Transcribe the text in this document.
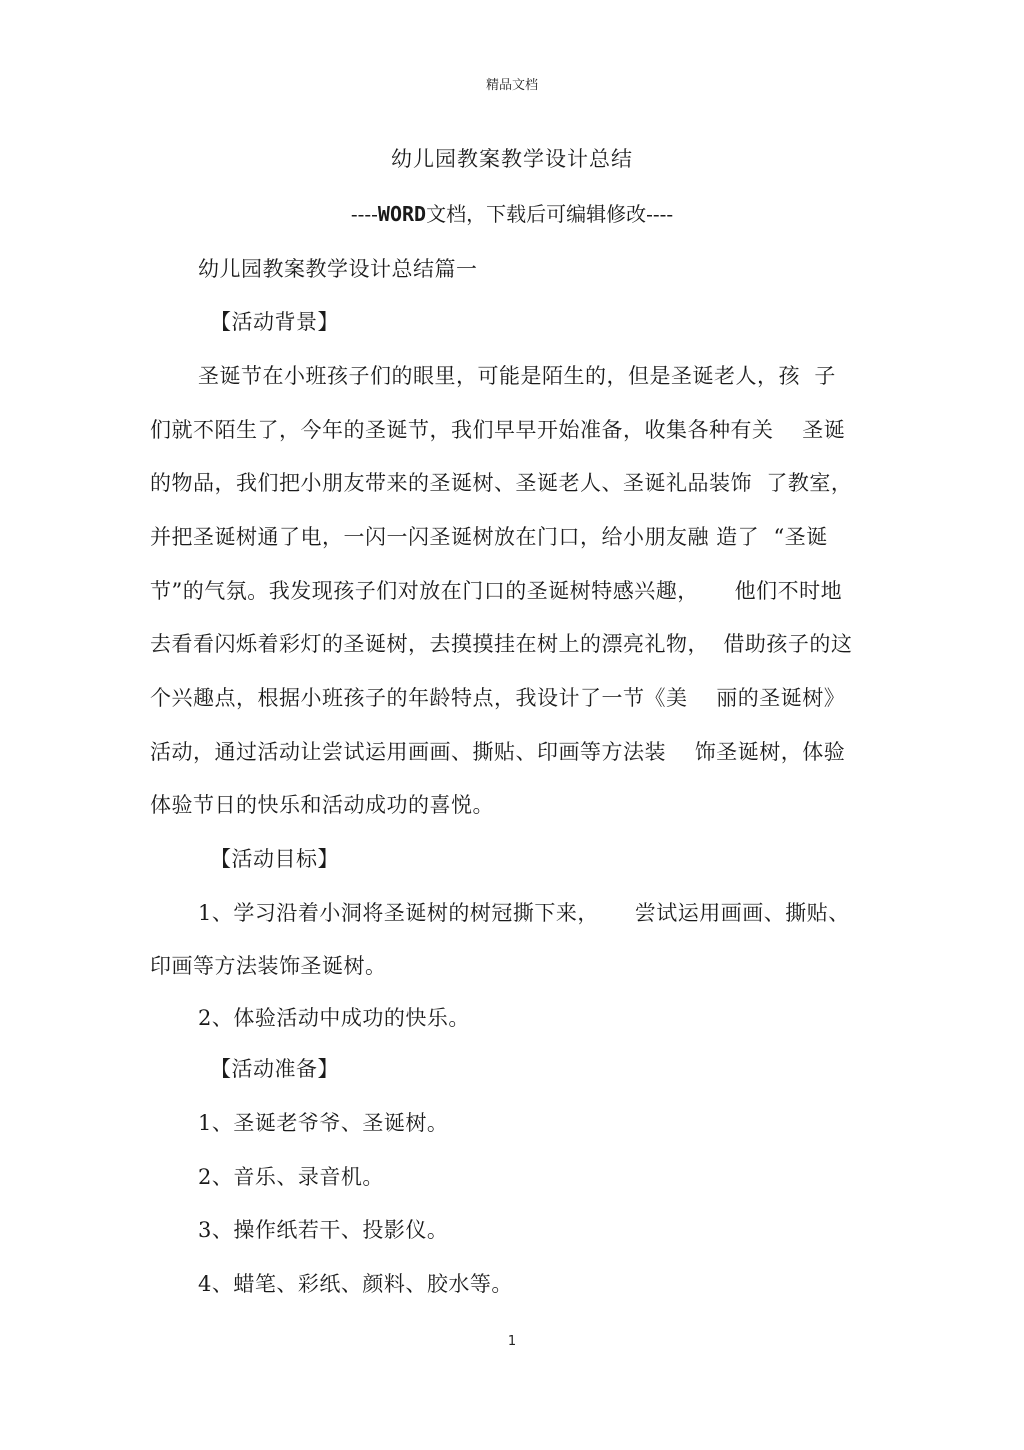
精品文档
幼儿园教案教学设计总结
----WORD文档，下载后可编辑修改----
幼儿园教案教学设计总结篇一
【活动背景】
圣诞节在小班孩子们的眼里，可能是陌生的，但是圣诞老人，孩  子
们就不陌生了，今年的圣诞节，我们早早开始准备，收集各种有关    圣诞
的物品，我们把小朋友带来的圣诞树、圣诞老人、圣诞礼品装饰  了教室，
并把圣诞树通了电，一闪一闪圣诞树放在门口，给小朋友融 造了  “圣诞
节”的气氛。我发现孩子们对放在门口的圣诞树特感兴趣，     他们不时地
去看看闪烁着彩灯的圣诞树，去摸摸挂在树上的漂亮礼物，  借助孩子的这
个兴趣点，根据小班孩子的年龄特点，我设计了一节《美    丽的圣诞树》
活动，通过活动让尝试运用画画、撕贴、印画等方法装    饰圣诞树，体验
体验节日的快乐和活动成功的喜悦。
【活动目标】
1、学习沿着小洞将圣诞树的树冠撕下来，     尝试运用画画、撕贴、
印画等方法装饰圣诞树。
2、体验活动中成功的快乐。
【活动准备】
1、圣诞老爷爷、圣诞树。
2、音乐、录音机。
3、操作纸若干、投影仪。
4、蜡笔、彩纸、颜料、胶水等。
1
